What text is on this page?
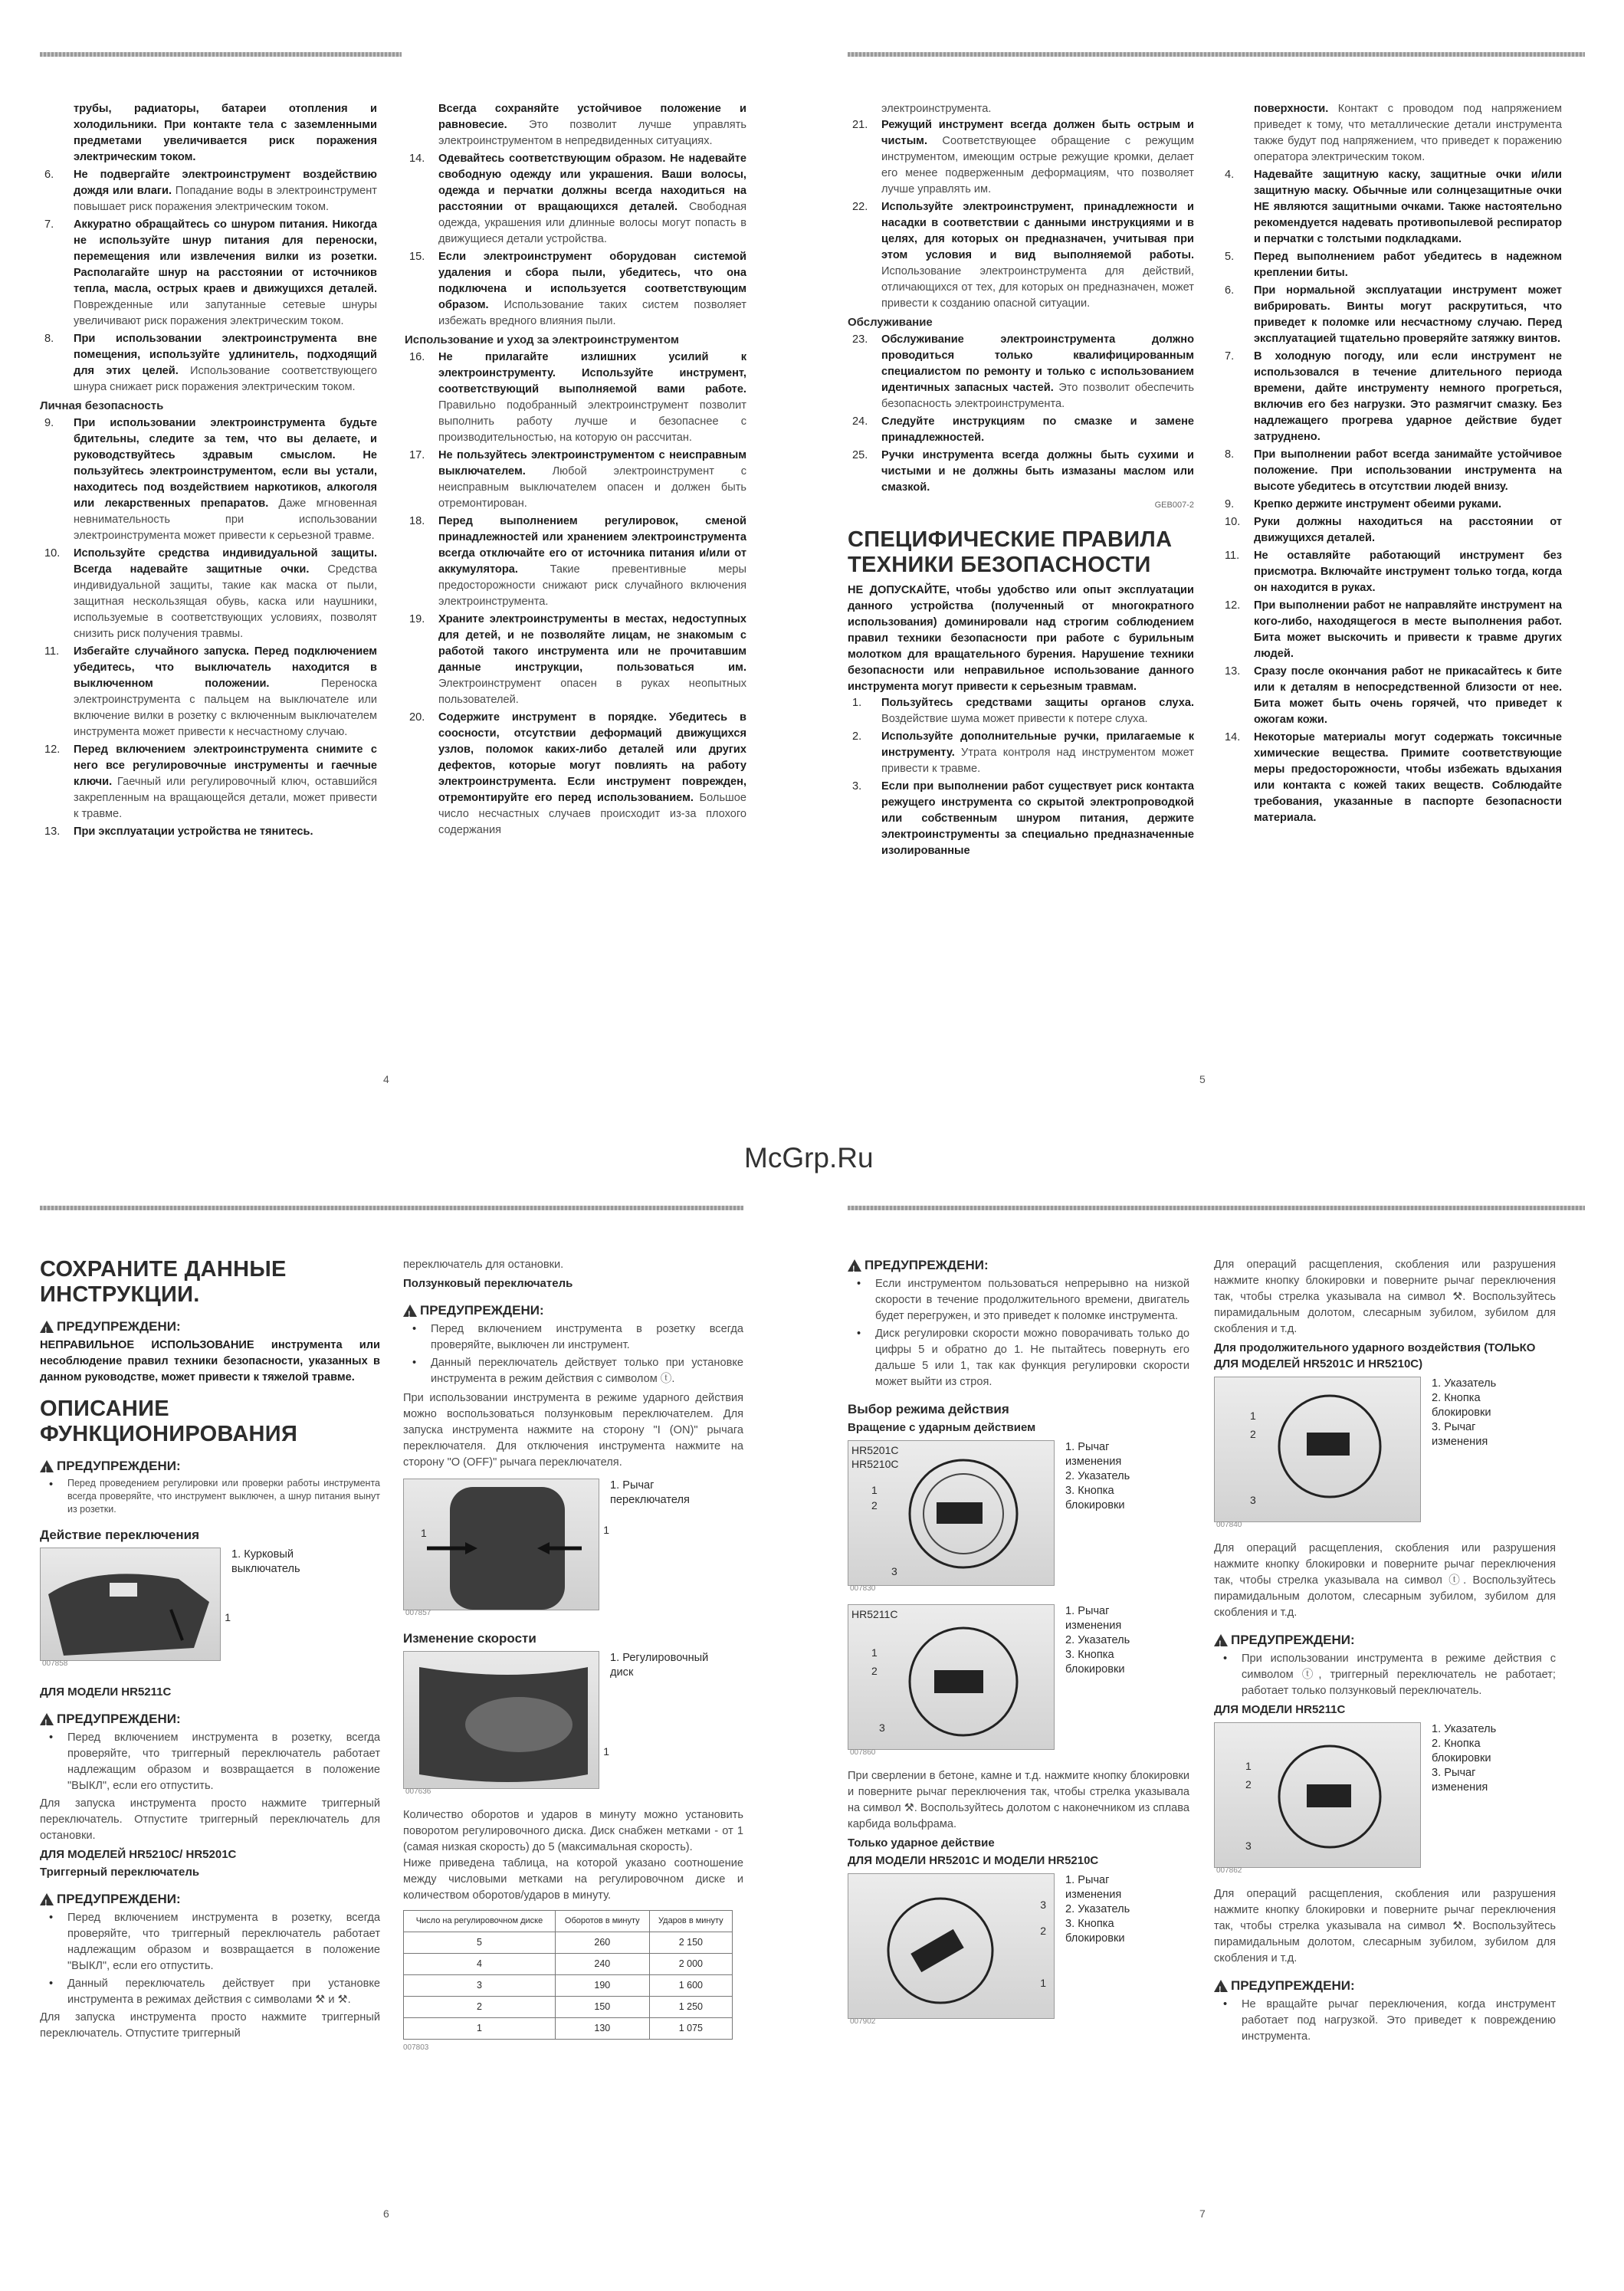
трубы, радиаторы, батареи отопления и холодильники. При контакте тела с заземленными предметами увеличивается риск поражения электрическим током.
6.	Не подвергайте электроинструмент воздействию дождя или влаги. Попадание воды в электроинструмент повышает риск поражения электрическим током.
7.	Аккуратно обращайтесь со шнуром питания. Никогда не используйте шнур питания для переноски, перемещения или извлечения вилки из розетки. Располагайте шнур на расстоянии от источников тепла, масла, острых краев и движущихся деталей. Поврежденные или запутанные сетевые шнуры увеличивают риск поражения электрическим током.
8.	При использовании электроинструмента вне помещения, используйте удлинитель, подходящий для этих целей. Использование соответствующего шнура снижает риск поражения электрическим током.
Личная безопасность
9.	При использовании электроинструмента будьте бдительны, следите за тем, что вы делаете, и руководствуйтесь здравым смыслом. Не пользуйтесь электроинструментом, если вы устали, находитесь под воздействием наркотиков, алкоголя или лекарственных препаратов. Даже мгновенная невнимательность при использовании электроинструмента может привести к серьезной травме.
10.	Используйте средства индивидуальной защиты. Всегда надевайте защитные очки. Средства индивидуальной защиты, такие как маска от пыли, защитная нескользящая обувь, каска или наушники, используемые в соответствующих условиях, позволят снизить риск получения травмы.
11.	Избегайте случайного запуска. Перед подключением убедитесь, что выключатель находится в выключенном положении. Переноска электроинструмента с пальцем на выключателе или включение вилки в розетку с включенным выключателем инструмента может привести к несчастному случаю.
12.	Перед включением электроинструмента снимите с него все регулировочные инструменты и гаечные ключи. Гаечный или регулировочный ключ, оставшийся закрепленным на вращающейся детали, может привести к травме.
13.	При эксплуатации устройства не тянитесь.
Всегда сохраняйте устойчивое положение и равновесие. Это позволит лучше управлять электроинструментом в непредвиденных ситуациях.
14.	Одевайтесь соответствующим образом. Не надевайте свободную одежду или украшения. Ваши волосы, одежда и перчатки должны всегда находиться на расстоянии от вращающихся деталей. Свободная одежда, украшения или длинные волосы могут попасть в движущиеся детали устройства.
15.	Если электроинструмент оборудован системой удаления и сбора пыли, убедитесь, что она подключена и используется соответствующим образом. Использование таких систем позволяет избежать вредного влияния пыли.
Использование и уход за электроинструментом
16.	Не прилагайте излишних усилий к электроинструменту. Используйте инструмент, соответствующий выполняемой вами работе. Правильно подобранный электроинструмент позволит выполнить работу лучше и безопаснее с производительностью, на которую он рассчитан.
17.	Не пользуйтесь электроинструментом с неисправным выключателем. Любой электроинструмент с неисправным выключателем опасен и должен быть отремонтирован.
18.	Перед выполнением регулировок, сменой принадлежностей или хранением электроинструмента всегда отключайте его от источника питания и/или от аккумулятора. Такие превентивные меры предосторожности снижают риск случайного включения электроинструмента.
19.	Храните электроинструменты в местах, недоступных для детей, и не позволяйте лицам, не знакомым с работой такого инструмента или не прочитавшим данные инструкции, пользоваться им. Электроинструмент опасен в руках неопытных пользователей.
20.	Содержите инструмент в порядке. Убедитесь в соосности, отсутствии деформаций движущихся узлов, поломок каких-либо деталей или других дефектов, которые могут повлиять на работу электроинструмента. Если инструмент поврежден, отремонтируйте его перед использованием. Большое число несчастных случаев происходит из-за плохого содержания
4
электроинструмента.
21.	Режущий инструмент всегда должен быть острым и чистым. Соответствующее обращение с режущим инструментом, имеющим острые режущие кромки, делает его менее подверженным деформациям, что позволяет лучше управлять им.
22.	Используйте электроинструмент, принадлежности и насадки в соответствии с данными инструкциями и в целях, для которых он предназначен, учитывая при этом условия и вид выполняемой работы. Использование электроинструмента для действий, отличающихся от тех, для которых он предназначен, может привести к созданию опасной ситуации.
Обслуживание
23.	Обслуживание электроинструмента должно проводиться только квалифицированным специалистом по ремонту и только с использованием идентичных запасных частей. Это позволит обеспечить безопасность электроинструмента.
24.	Следуйте инструкциям по смазке и замене принадлежностей.
25.	Ручки инструмента всегда должны быть сухими и чистыми и не должны быть измазаны маслом или смазкой.
GEB007-2
СПЕЦИФИЧЕСКИЕ ПРАВИЛА ТЕХНИКИ БЕЗОПАСНОСТИ
НЕ ДОПУСКАЙТЕ, чтобы удобство или опыт эксплуатации данного устройства (полученный от многократного использования) доминировали над строгим соблюдением правил техники безопасности при работе с бурильным молотком для вращательного бурения. Нарушение техники безопасности или неправильное использование данного инструмента могут привести к серьезным травмам.
1.	Пользуйтесь средствами защиты органов слуха. Воздействие шума может привести к потере слуха.
2.	Используйте дополнительные ручки, прилагаемые к инструменту. Утрата контроля над инструментом может привести к травме.
3.	Если при выполнении работ существует риск контакта режущего инструмента со скрытой электропроводкой или собственным шнуром питания, держите электроинструменты за специально предназначенные изолированные
поверхности. Контакт с проводом под напряжением приведет к тому, что металлические детали инструмента также будут под напряжением, что приведет к поражению оператора электрическим током.
4.	Надевайте защитную каску, защитные очки и/или защитную маску. Обычные или солнцезащитные очки НЕ являются защитными очками. Также настоятельно рекомендуется надевать противопылевой респиратор и перчатки с толстыми подкладками.
5.	Перед выполнением работ убедитесь в надежном креплении биты.
6.	При нормальной эксплуатации инструмент может вибрировать. Винты могут раскрутиться, что приведет к поломке или несчастному случаю. Перед эксплуатацией тщательно проверяйте затяжку винтов.
7.	В холодную погоду, или если инструмент не использовался в течение длительного периода времени, дайте инструменту немного прогреться, включив его без нагрузки. Это размягчит смазку. Без надлежащего прогрева ударное действие будет затруднено.
8.	При выполнении работ всегда занимайте устойчивое положение. При использовании инструмента на высоте убедитесь в отсутствии людей внизу.
9.	Крепко держите инструмент обеими руками.
10.	Руки должны находиться на расстоянии от движущихся деталей.
11.	Не оставляйте работающий инструмент без присмотра. Включайте инструмент только тогда, когда он находится в руках.
12.	При выполнении работ не направляйте инструмент на кого-либо, находящегося в месте выполнения работ. Бита может выскочить и привести к травме других людей.
13.	Сразу после окончания работ не прикасайтесь к бите или к деталям в непосредственной близости от нее. Бита может быть очень горячей, что приведет к ожогам кожи.
14.	Некоторые материалы могут содержать токсичные химические вещества. Примите соответствующие меры предосторожности, чтобы избежать вдыхания или контакта с кожей таких веществ. Соблюдайте требования, указанные в паспорте безопасности материала.
5
McGrp.Ru
СОХРАНИТЕ ДАННЫЕ ИНСТРУКЦИИ.
!
ПРЕДУПРЕЖДЕНИ:
НЕПРАВИЛЬНОЕ ИСПОЛЬЗОВАНИЕ инструмента или несоблюдение правил техники безопасности, указанных в данном руководстве, может привести к тяжелой травме.
ОПИСАНИЕ ФУНКЦИОНИРОВАНИЯ
!
ПРЕДУПРЕЖДЕНИ:
•	Перед проведением регулировки или проверки работы инструмента всегда проверяйте, что инструмент выключен, а шнур питания вынут из розетки.
Действие переключения
1
007858
1. Курковый выключатель
ДЛЯ МОДЕЛИ HR5211C
!
ПРЕДУПРЕЖДЕНИ:
•	Перед включением инструмента в розетку, всегда проверяйте, что триггерный переключатель работает надлежащим образом и возвращается в положение "ВЫКЛ", если его отпустить.
Для запуска инструмента просто нажмите триггерный переключатель. Отпустите триггерный переключатель для остановки.
ДЛЯ МОДЕЛЕЙ HR5210C/ HR5201C
Триггерный переключатель
!
ПРЕДУПРЕЖДЕНИ:
•	Перед включением инструмента в розетку, всегда проверяйте, что триггерный переключатель работает надлежащим образом и возвращается в положение "ВЫКЛ", если его отпустить.
•	Данный переключатель действует при установке инструмента в режимах действия с символами ⚒ и ⚒.
Для запуска инструмента просто нажмите триггерный переключатель. Отпустите триггерный
переключатель для остановки.
Ползунковый переключатель
!
ПРЕДУПРЕЖДЕНИ:
•	Перед включением инструмента в розетку всегда проверяйте, выключен ли инструмент.
•	Данный переключатель действует только при установке инструмента в режим действия с символом ⓣ.
При использовании инструмента в режиме ударного действия можно воспользоваться ползунковым переключателем. Для запуска инструмента нажмите на сторону "I (ON)" рычага переключателя. Для отключения инструмента нажмите на сторону "O (OFF)" рычага переключателя.
1	1
007857
1. Рычаг переключателя
Изменение скорости
1
007636
1. Регулировочный диск
Количество оборотов и ударов в минуту можно установить поворотом регулировочного диска. Диск снабжен метками - от 1 (самая низкая скорость) до 5 (максимальная скорость).
Ниже приведена таблица, на которой указано соотношение между числовыми метками на регулировочном диске и количеством оборотов/ударов в минуту.
Число на регулировочном диске	Оборотов в минуту	Ударов в минуту
5	260	2 150
4	240	2 000
3	190	1 600
2	150	1 250
1	130	1 075
007803
6
!
ПРЕДУПРЕЖДЕНИ:
•	Если инструментом пользоваться непрерывно на низкой скорости в течение продолжительного времени, двигатель будет перегружен, и это приведет к поломке инструмента.
•	Диск регулировки скорости можно поворачивать только до цифры 5 и обратно до 1. Не пытайтесь повернуть его дальше 5 или 1, так как функция регулировки скорости может выйти из строя.
Выбор режима действия
Вращение с ударным действием
HR5201C
HR5210C
1
2
3
007830
1. Рычаг изменения
2. Указатель
3. Кнопка блокировки
HR5211C
1
2
3
007860
1. Рычаг изменения
2. Указатель
3. Кнопка блокировки
При сверлении в бетоне, камне и т.д. нажмите кнопку блокировки и поверните рычаг переключения так, чтобы стрелка указывала на символ ⚒. Воспользуйтесь долотом с наконечником из сплава карбида вольфрама.
Только ударное действие
ДЛЯ МОДЕЛИ HR5201C И МОДЕЛИ HR5210C
3
2
1
007902
1. Рычаг изменения
2. Указатель
3. Кнопка блокировки
Для операций расщепления, скобления или разрушения нажмите кнопку блокировки и поверните рычаг переключения так, чтобы стрелка указывала на символ ⚒. Воспользуйтесь пирамидальным долотом, слесарным зубилом, зубилом для скобления и т.д.
Для продолжительного ударного воздействия (ТОЛЬКО ДЛЯ МОДЕЛЕЙ HR5201C И HR5210C)
1
2
3
007840
1. Указатель
2. Кнопка блокировки
3. Рычаг изменения
Для операций расщепления, скобления или разрушения нажмите кнопку блокировки и поверните рычаг переключения так, чтобы стрелка указывала на символ ⓣ. Воспользуйтесь пирамидальным долотом, слесарным зубилом, зубилом для скобления и т.д.
!
ПРЕДУПРЕЖДЕНИ:
•	При использовании инструмента в режиме действия с символом ⓣ, триггерный переключатель не работает; работает только ползунковый переключатель.
ДЛЯ МОДЕЛИ HR5211C
1
2
3
007862
1. Указатель
2. Кнопка блокировки
3. Рычаг изменения
Для операций расщепления, скобления или разрушения нажмите кнопку блокировки и поверните рычаг переключения так, чтобы стрелка указывала на символ ⚒. Воспользуйтесь пирамидальным долотом, слесарным зубилом, зубилом для скобления и т.д.
!
ПРЕДУПРЕЖДЕНИ:
•	Не вращайте рычаг переключения, когда инструмент работает под нагрузкой. Это приведет к повреждению инструмента.
7
